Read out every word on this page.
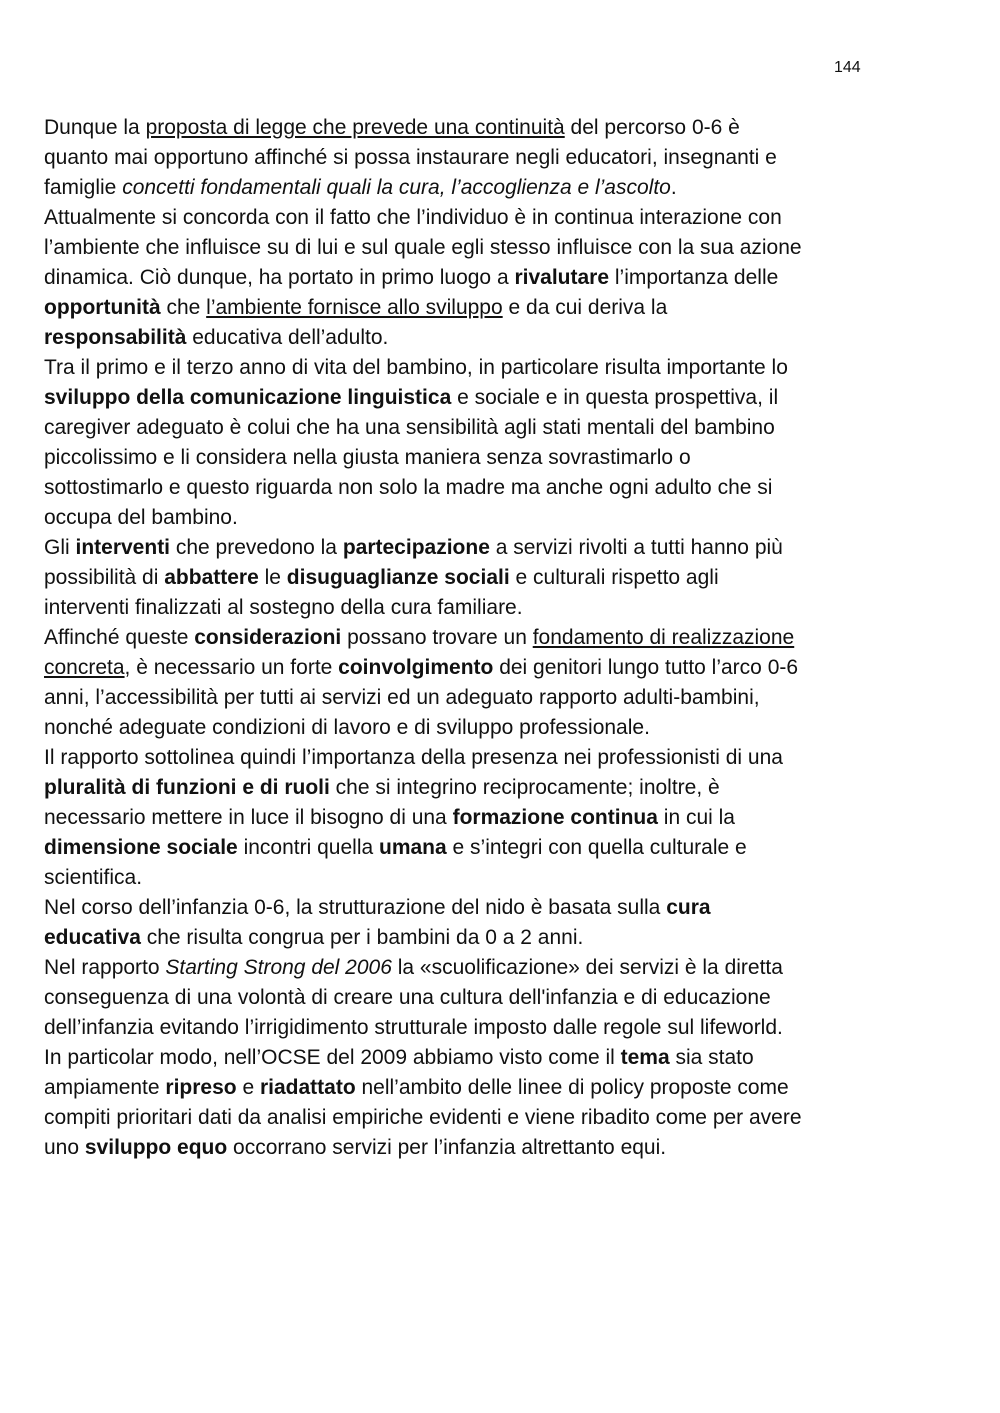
144
Dunque la proposta di legge che prevede una continuità del percorso 0-6 è
quanto mai opportuno affinché si possa instaurare negli educatori, insegnanti e
famiglie concetti fondamentali quali la cura, l’accoglienza e l’ascolto.
Attualmente si concorda con il fatto che l’individuo è in continua interazione con
l’ambiente che influisce su di lui e sul quale egli stesso influisce con la sua azione
dinamica. Ciò dunque, ha portato in primo luogo a rivalutare l’importanza delle
opportunità che l’ambiente fornisce allo sviluppo e da cui deriva la
responsabilità educativa dell’adulto.
Tra il primo e il terzo anno di vita del bambino, in particolare risulta importante lo
sviluppo della comunicazione linguistica e sociale e in questa prospettiva, il
caregiver adeguato è colui che ha una sensibilità agli stati mentali del bambino
piccolissimo e li considera nella giusta maniera senza sovrastimarlo o
sottostimarlo e questo riguarda non solo la madre ma anche ogni adulto che si
occupa del bambino.
Gli interventi che prevedono la partecipazione a servizi rivolti a tutti hanno più
possibilità di abbattere le disuguaglianze sociali e culturali rispetto agli
interventi finalizzati al sostegno della cura familiare.
Affinché queste considerazioni possano trovare un fondamento di realizzazione
concreta, è necessario un forte coinvolgimento dei genitori lungo tutto l’arco 0-6
anni, l’accessibilità per tutti ai servizi ed un adeguato rapporto adulti-bambini,
nonché adeguate condizioni di lavoro e di sviluppo professionale.
Il rapporto sottolinea quindi l’importanza della presenza nei professionisti di una
pluralità di funzioni e di ruoli che si integrino reciprocamente; inoltre, è
necessario mettere in luce il bisogno di una formazione continua in cui la
dimensione sociale incontri quella umana e s’integri con quella culturale e
scientifica.
Nel corso dell’infanzia 0-6, la strutturazione del nido è basata sulla cura
educativa che risulta congrua per i bambini da 0 a 2 anni.
Nel rapporto Starting Strong del 2006 la «scuolificazione» dei servizi è la diretta
conseguenza di una volontà di creare una cultura dell'infanzia e di educazione
dell’infanzia evitando l’irrigidimento strutturale imposto dalle regole sul lifeworld.
In particolar modo, nell’OCSE del 2009 abbiamo visto come il tema sia stato
ampiamente ripreso e riadattato nell’ambito delle linee di policy proposte come
compiti prioritari dati da analisi empiriche evidenti e viene ribadito come per avere
uno sviluppo equo occorrano servizi per l’infanzia altrettanto equi.
